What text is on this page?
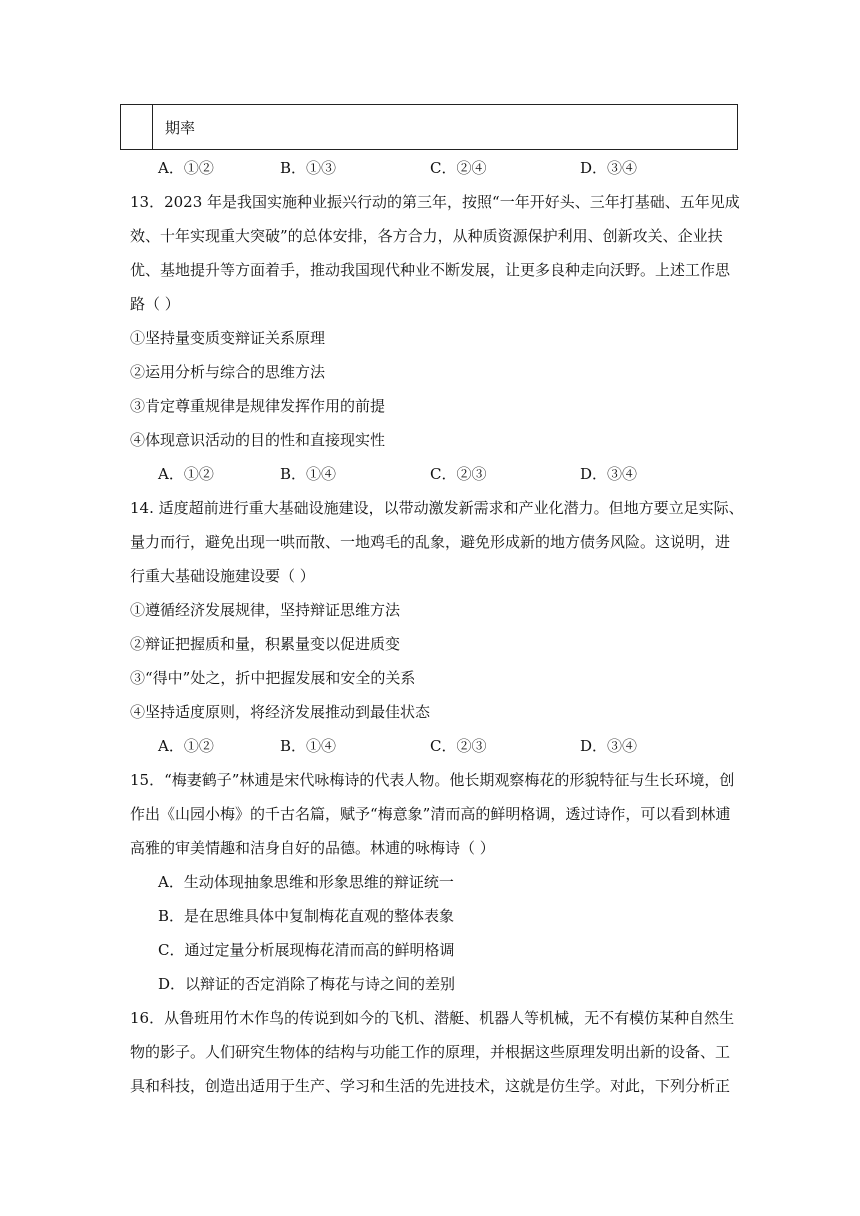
期率
A．①②	B．①③	C．②④	D．③④
13．2023 年是我国实施种业振兴行动的第三年，按照“一年开好头、三年打基础、五年见成
效、十年实现重大突破”的总体安排，各方合力，从种质资源保护利用、创新攻关、企业扶
优、基地提升等方面着手，推动我国现代种业不断发展，让更多良种走向沃野。上述工作思
路（ ）
①坚持量变质变辩证关系原理
②运用分析与综合的思维方法
③肯定尊重规律是规律发挥作用的前提
④体现意识活动的目的性和直接现实性
A．①②	B．①④	C．②③	D．③④
14. 适度超前进行重大基础设施建设，以带动激发新需求和产业化潜力。但地方要立足实际、
量力而行，避免出现一哄而散、一地鸡毛的乱象，避免形成新的地方债务风险。这说明，进
行重大基础设施建设要（ ）
①遵循经济发展规律，坚持辩证思维方法
②辩证把握质和量，积累量变以促进质变
③“得中”处之，折中把握发展和安全的关系
④坚持适度原则，将经济发展推动到最佳状态
A．①②	B．①④	C．②③	D．③④
15．“梅妻鹤子”林逋是宋代咏梅诗的代表人物。他长期观察梅花的形貌特征与生长环境，创
作出《山园小梅》的千古名篇，赋予“梅意象”清而高的鲜明格调，透过诗作，可以看到林逋
高雅的审美情趣和洁身自好的品德。林逋的咏梅诗（ ）
A．生动体现抽象思维和形象思维的辩证统一
B．是在思维具体中复制梅花直观的整体表象
C．通过定量分析展现梅花清而高的鲜明格调
D．以辩证的否定消除了梅花与诗之间的差别
16．从鲁班用竹木作鸟的传说到如今的飞机、潜艇、机器人等机械，无不有模仿某种自然生
物的影子。人们研究生物体的结构与功能工作的原理，并根据这些原理发明出新的设备、工
具和科技，创造出适用于生产、学习和生活的先进技术，这就是仿生学。对此，下列分析正
